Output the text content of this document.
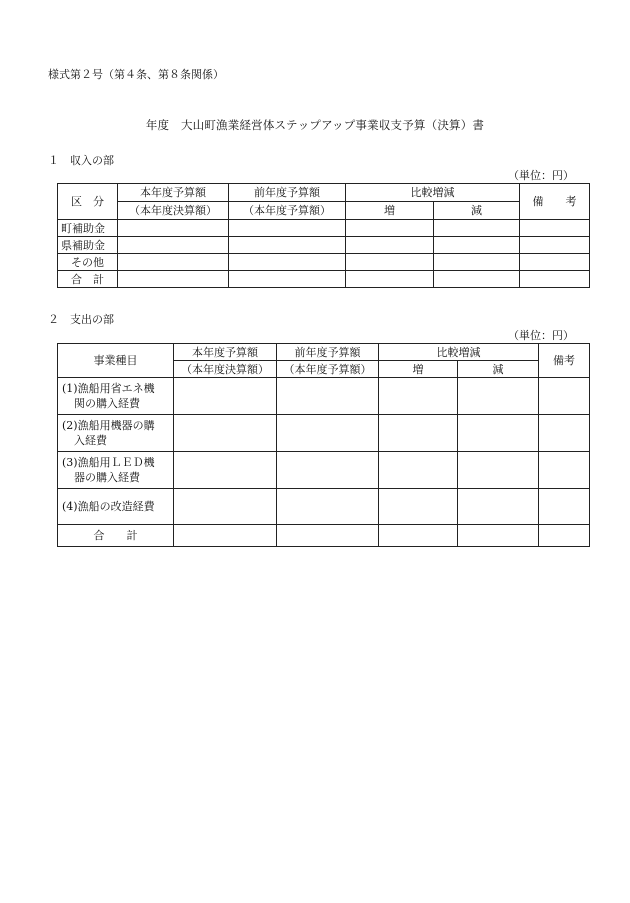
様式第２号（第４条、第８条関係）
年度　大山町漁業経営体ステップアップ事業収支予算（決算）書
１　収入の部
（単位：円）
区　分	本年度予算額	前年度予算額	比較増減		備　　考
	（本年度決算額）	（本年度予算額）	増	減	
町補助金					
県補助金					
その他					
合　計					
２　支出の部
（単位：円）
事業種目	本年度予算額	前年度予算額	比較増減		備考
	（本年度決算額）	（本年度予算額）	増	減	
(1)漁船用省エネ機
関の購入経費					

(2)漁船用機器の購
入経費					

(3)漁船用ＬＥＤ機
器の購入経費					

(4)漁船の改造経費					
合　　計					
